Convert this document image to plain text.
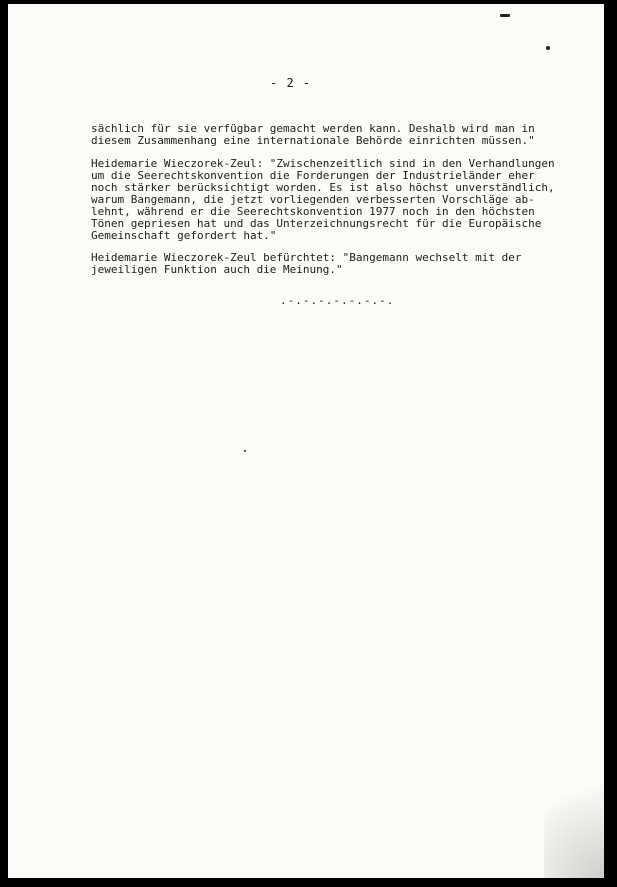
- 2 -
sächlich für sie verfügbar gemacht werden kann. Deshalb wird man in
diesem Zusammenhang eine internationale Behörde einrichten müssen."
Heidemarie Wieczorek-Zeul: "Zwischenzeitlich sind in den Verhandlungen
um die Seerechtskonvention die Forderungen der Industrieländer eher
noch stärker berücksichtigt worden. Es ist also höchst unverständlich,
warum Bangemann, die jetzt vorliegenden verbesserten Vorschläge ab-
lehnt, während er die Seerechtskonvention 1977 noch in den höchsten
Tönen gepriesen hat und das Unterzeichnungsrecht für die Europäische
Gemeinschaft gefordert hat."
Heidemarie Wieczorek-Zeul befürchtet: "Bangemann wechselt mit der
jeweiligen Funktion auch die Meinung."
.-.-.-.-.-.-.-.
